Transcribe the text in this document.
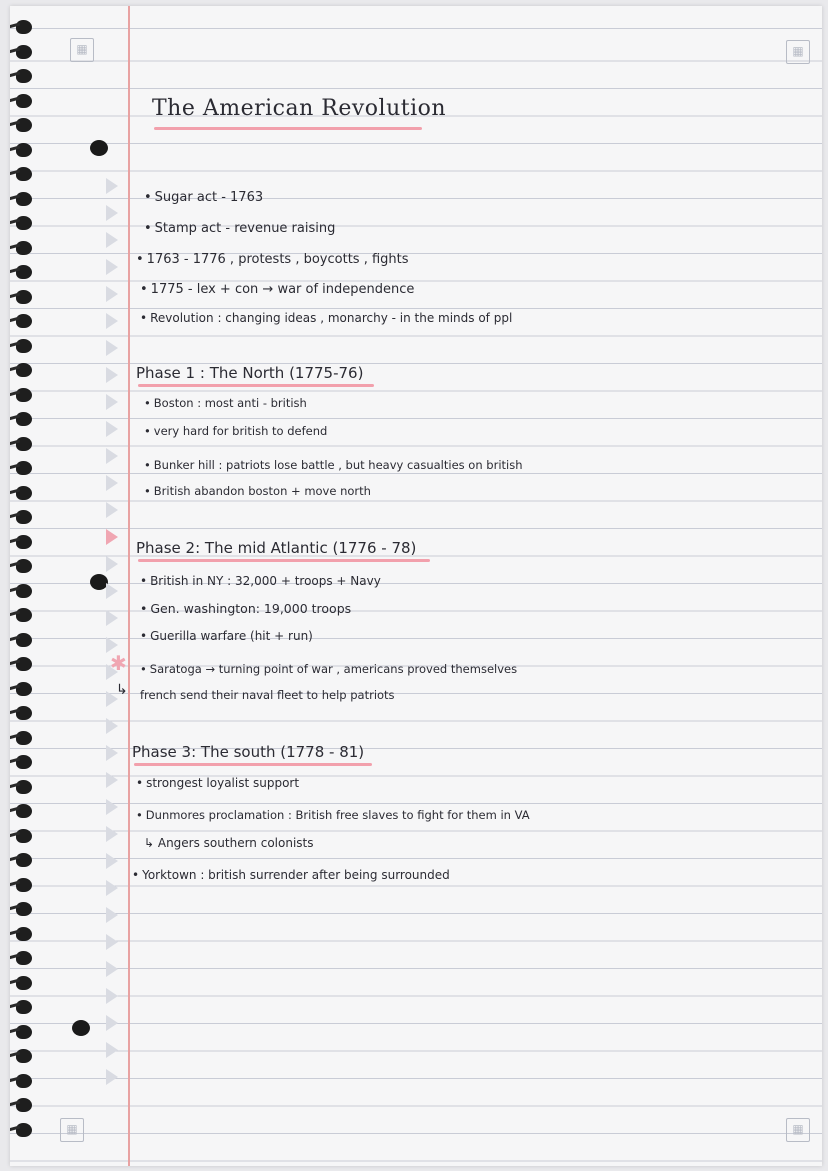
▦	▦
▦	▦
The American Revolution
• Sugar act - 1763
• Stamp act - revenue raising
• 1763 - 1776 , protests , boycotts , fights
• 1775 - lex + con → war of independence
• Revolution : changing ideas , monarchy - in the minds of ppl
Phase 1 : The North (1775-76)
• Boston : most anti - british
• very hard for british to defend
• Bunker hill : patriots lose battle , but heavy casualties on british
• British abandon boston + move north
Phase 2: The mid Atlantic (1776 - 78)
• British in NY : 32,000 + troops + Navy
• Gen. washington: 19,000 troops
• Guerilla warfare (hit + run)
✱
•	Saratoga → turning point of war , americans proved themselves
↳ french send their naval fleet to help patriots
Phase 3: The south (1778 - 81)
• strongest loyalist support
• Dunmores proclamation : British free slaves to fight for them in VA
↳ Angers southern colonists
• Yorktown : british surrender after being surrounded
